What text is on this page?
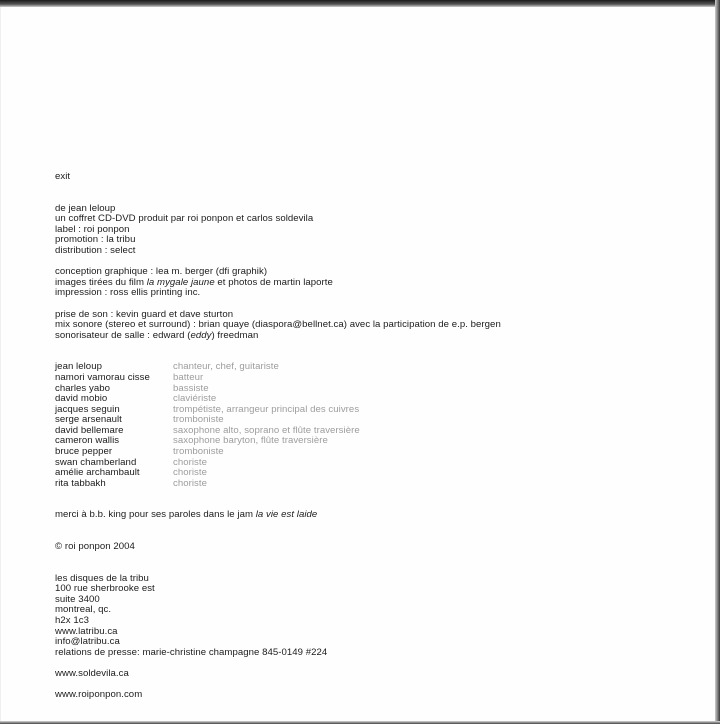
exit

de jean leloup

un coffret CD-DVD produit par roi ponpon et carlos soldevila

label : roi ponpon

promotion : la tribu

distribution : select

conception graphique : lea m. berger (dfi graphik)

images tirées du film la mygale jaune et photos de martin laporte

impression : ross ellis printing inc.

prise de son : kevin guard et dave sturton

mix sonore (stereo et surround) : brian quaye (diaspora@bellnet.ca) avec la participation de e.p. bergen

sonorisateur de salle : edward (eddy) freedman

jean leloup	chanteur, chef, guitariste
namori vamorau cisse	batteur
charles yabo	bassiste
david mobio	claviériste
jacques seguin	trompétiste, arrangeur principal des cuivres
serge arsenault	tromboniste
david bellemare	saxophone alto, soprano et flûte traversière
cameron wallis	saxophone baryton, flûte traversière
bruce pepper	tromboniste
swan chamberland	choriste
amélie archambault	choriste
rita tabbakh	choriste

merci à b.b. king pour ses paroles dans le jam la vie est laide

© roi ponpon 2004

les disques de la tribu

100 rue sherbrooke est

suite 3400

montreal, qc.

h2x 1c3

www.latribu.ca

info@latribu.ca

relations de presse: marie-christine champagne 845-0149 #224

www.soldevila.ca

www.roiponpon.com
